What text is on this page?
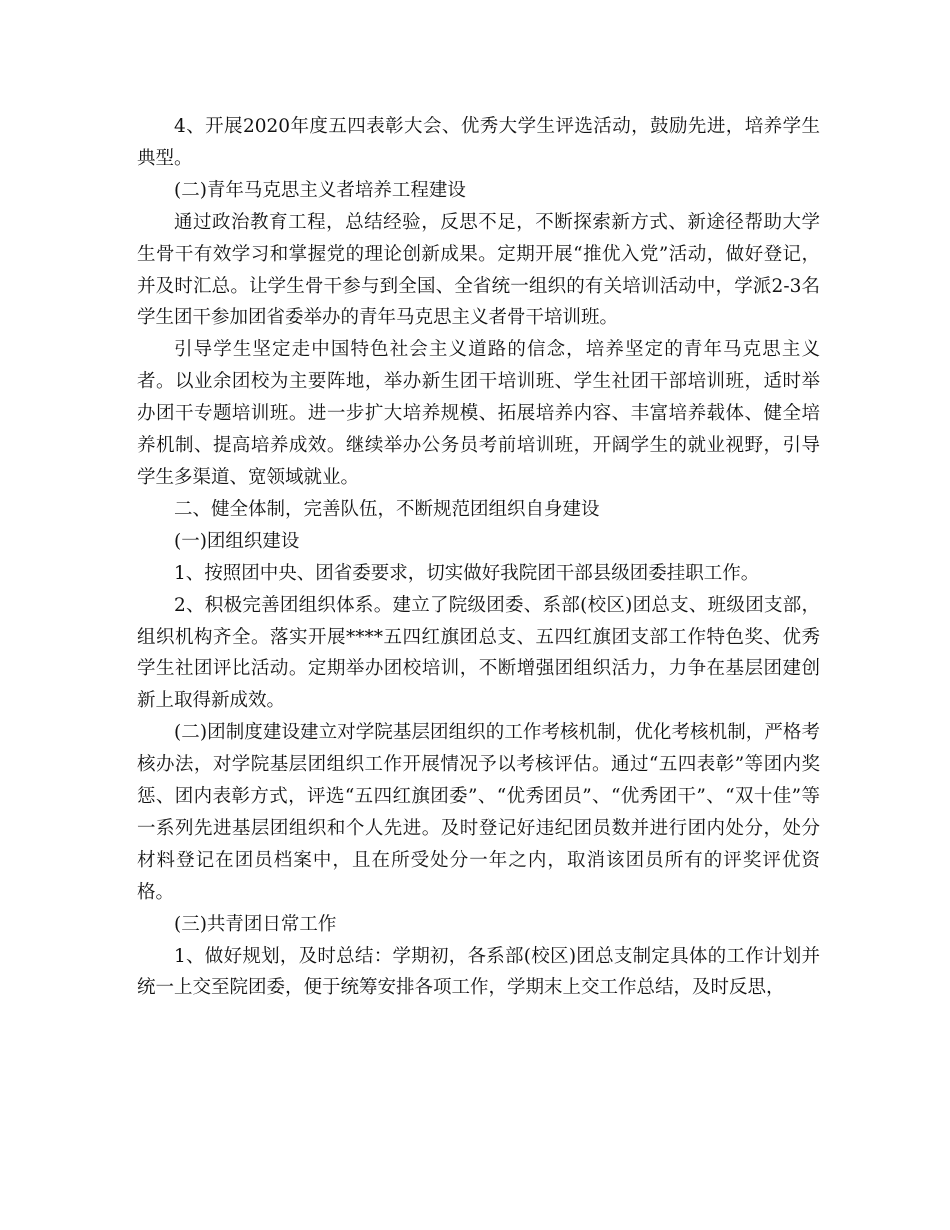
4、开展2020年度五四表彰大会、优秀大学生评选活动，鼓励先进，培养学生典型。

(二)青年马克思主义者培养工程建设

通过政治教育工程，总结经验，反思不足，不断探索新方式、新途径帮助大学生骨干有效学习和掌握党的理论创新成果。定期开展“推优入党”活动，做好登记，并及时汇总。让学生骨干参与到全国、全省统一组织的有关培训活动中，学派2-3名学生团干参加团省委举办的青年马克思主义者骨干培训班。

引导学生坚定走中国特色社会主义道路的信念，培养坚定的青年马克思主义者。以业余团校为主要阵地，举办新生团干培训班、学生社团干部培训班，适时举办团干专题培训班。进一步扩大培养规模、拓展培养内容、丰富培养载体、健全培养机制、提高培养成效。继续举办公务员考前培训班，开阔学生的就业视野，引导学生多渠道、宽领域就业。

二、健全体制，完善队伍，不断规范团组织自身建设

(一)团组织建设

1、按照团中央、团省委要求，切实做好我院团干部县级团委挂职工作。

2、积极完善团组织体系。建立了院级团委、系部(校区)团总支、班级团支部，组织机构齐全。落实开展****五四红旗团总支、五四红旗团支部工作特色奖、优秀学生社团评比活动。定期举办团校培训，不断增强团组织活力，力争在基层团建创新上取得新成效。

(二)团制度建设建立对学院基层团组织的工作考核机制，优化考核机制，严格考核办法，对学院基层团组织工作开展情况予以考核评估。通过“五四表彰”等团内奖惩、团内表彰方式，评选“五四红旗团委”、“优秀团员”、“优秀团干”、“双十佳”等一系列先进基层团组织和个人先进。及时登记好违纪团员数并进行团内处分，处分材料登记在团员档案中，且在所受处分一年之内，取消该团员所有的评奖评优资格。

(三)共青团日常工作

1、做好规划，及时总结：学期初，各系部(校区)团总支制定具体的工作计划并统一上交至院团委，便于统筹安排各项工作，学期末上交工作总结，及时反思，
